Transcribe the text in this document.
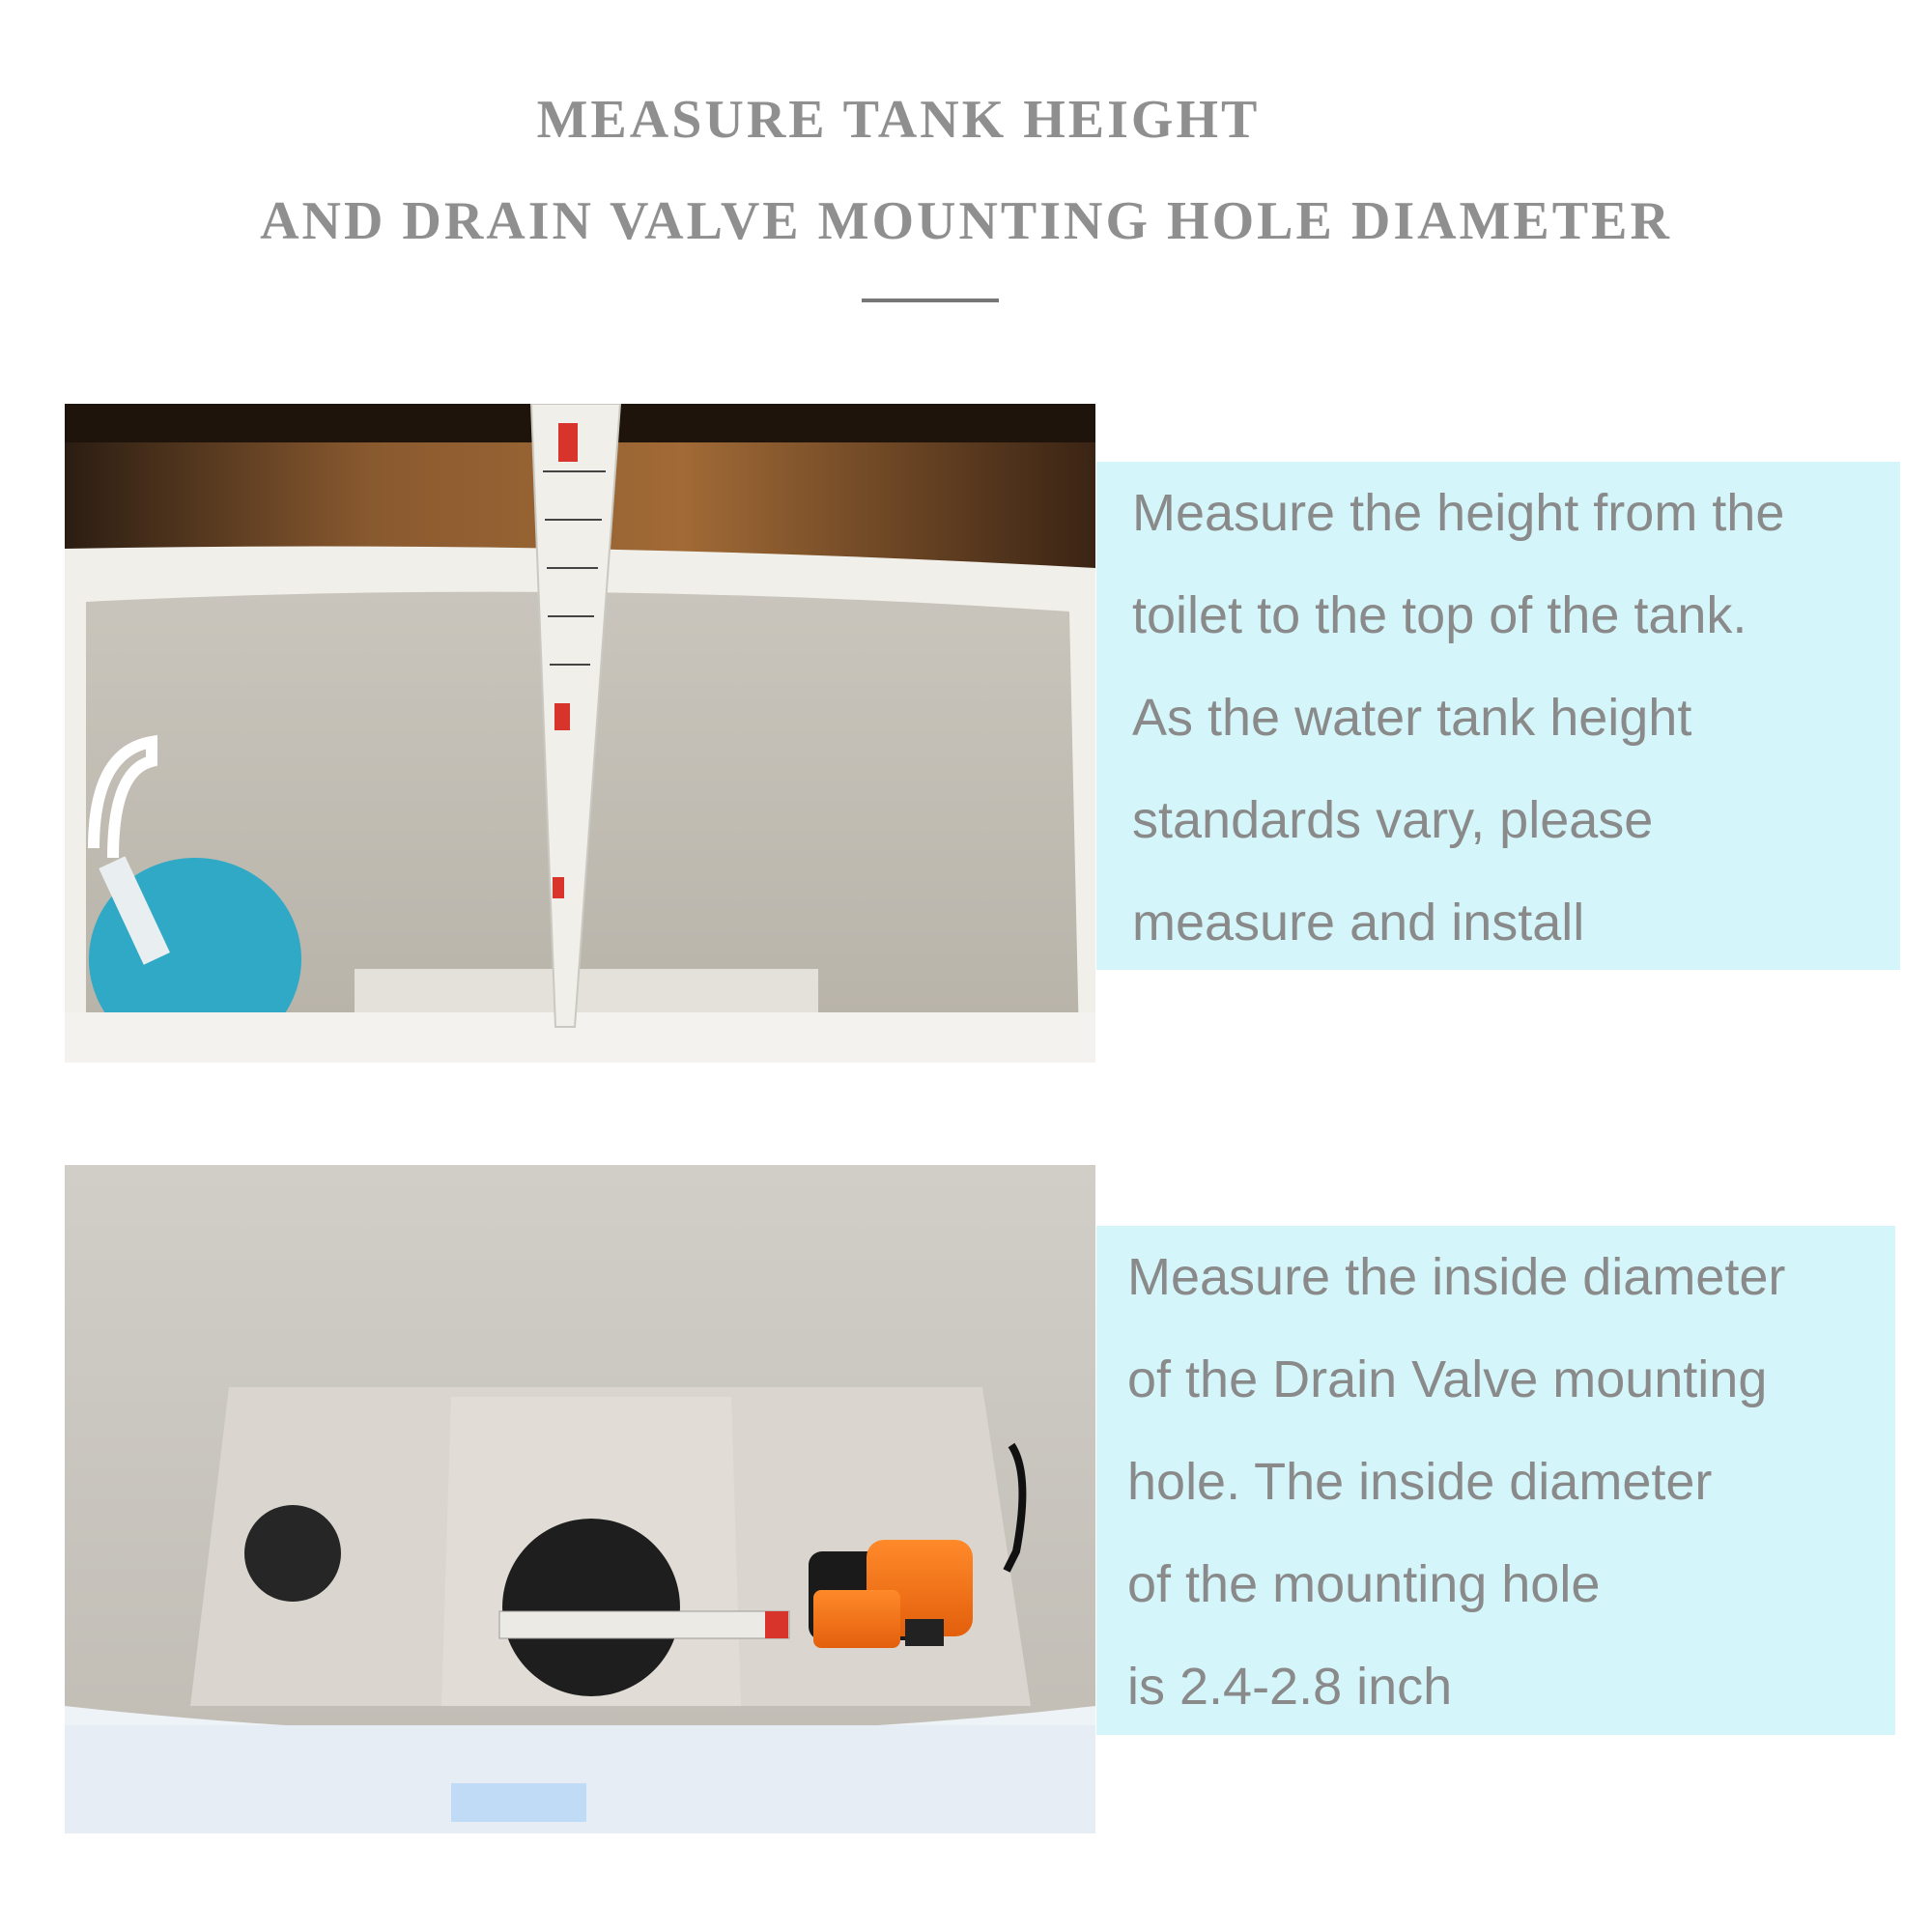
MEASURE TANK HEIGHT
AND DRAIN VALVE MOUNTING HOLE DIAMETER
Measure the height from the
toilet to the top of the tank.
As the water tank height
standards vary, please
measure and install
Measure the inside diameter
of the Drain Valve mounting
hole. The inside diameter
of the mounting hole
is 2.4-2.8 inch
